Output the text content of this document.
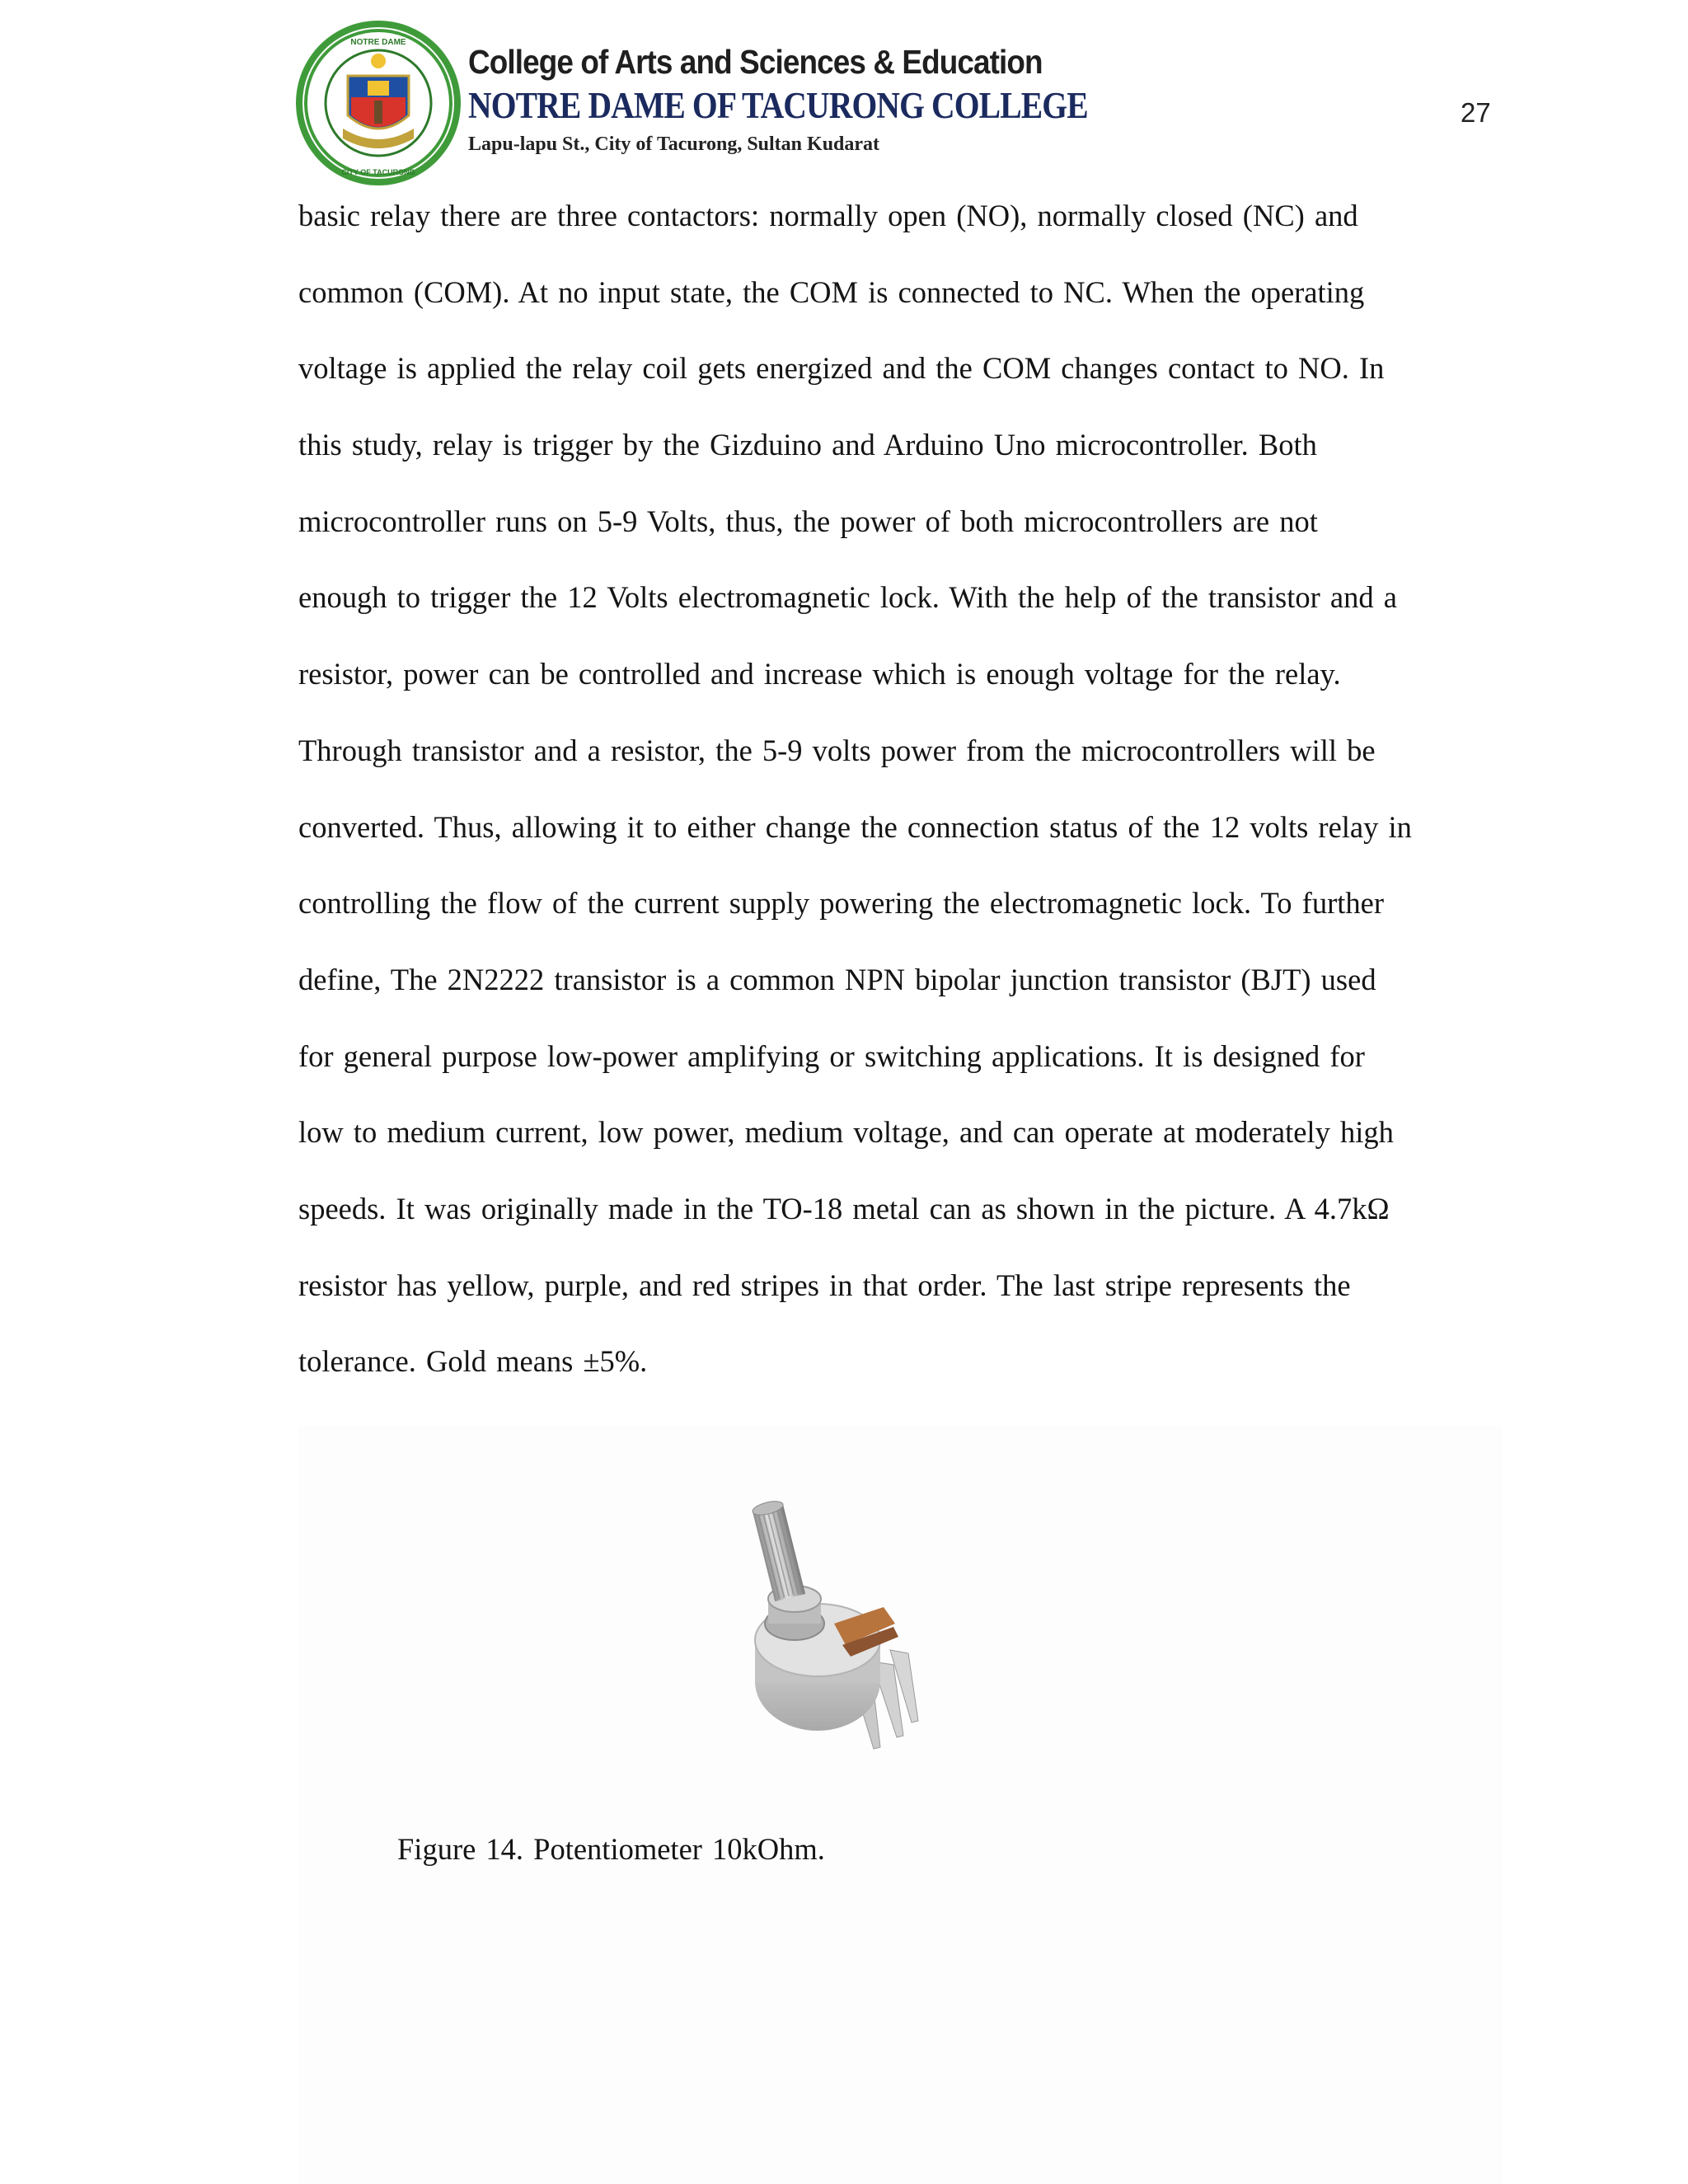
NOTRE DAME
CITY OF TACURONG
College of Arts and Sciences & Education
NOTRE DAME OF TACURONG COLLEGE
Lapu-lapu St., City of Tacurong, Sultan Kudarat
27
basic relay there are three contactors: normally open (NO), normally closed (NC) and
common (COM). At no input state, the COM is connected to NC. When the operating
voltage is applied the relay coil gets energized and the COM changes contact to NO. In
this study, relay is trigger by the Gizduino and Arduino Uno microcontroller. Both
microcontroller runs on 5-9 Volts, thus, the power of both microcontrollers are not
enough to trigger the 12 Volts electromagnetic lock. With the help of the transistor and a
resistor, power can be controlled and increase which is enough voltage for the relay.
Through transistor and a resistor, the 5-9 volts power from the microcontrollers will be
converted. Thus, allowing it to either change the connection status of the 12 volts relay in
controlling the flow of the current supply powering the electromagnetic lock. To further
define, The 2N2222 transistor is a common NPN bipolar junction transistor (BJT) used
for general purpose low-power amplifying or switching applications. It is designed for
low to medium current, low power, medium voltage, and can operate at moderately high
speeds. It was originally made in the TO-18 metal can as shown in the picture. A 4.7kΩ
resistor has yellow, purple, and red stripes in that order. The last stripe represents the
tolerance. Gold means ±5%.
Figure 14. Potentiometer 10kOhm.
